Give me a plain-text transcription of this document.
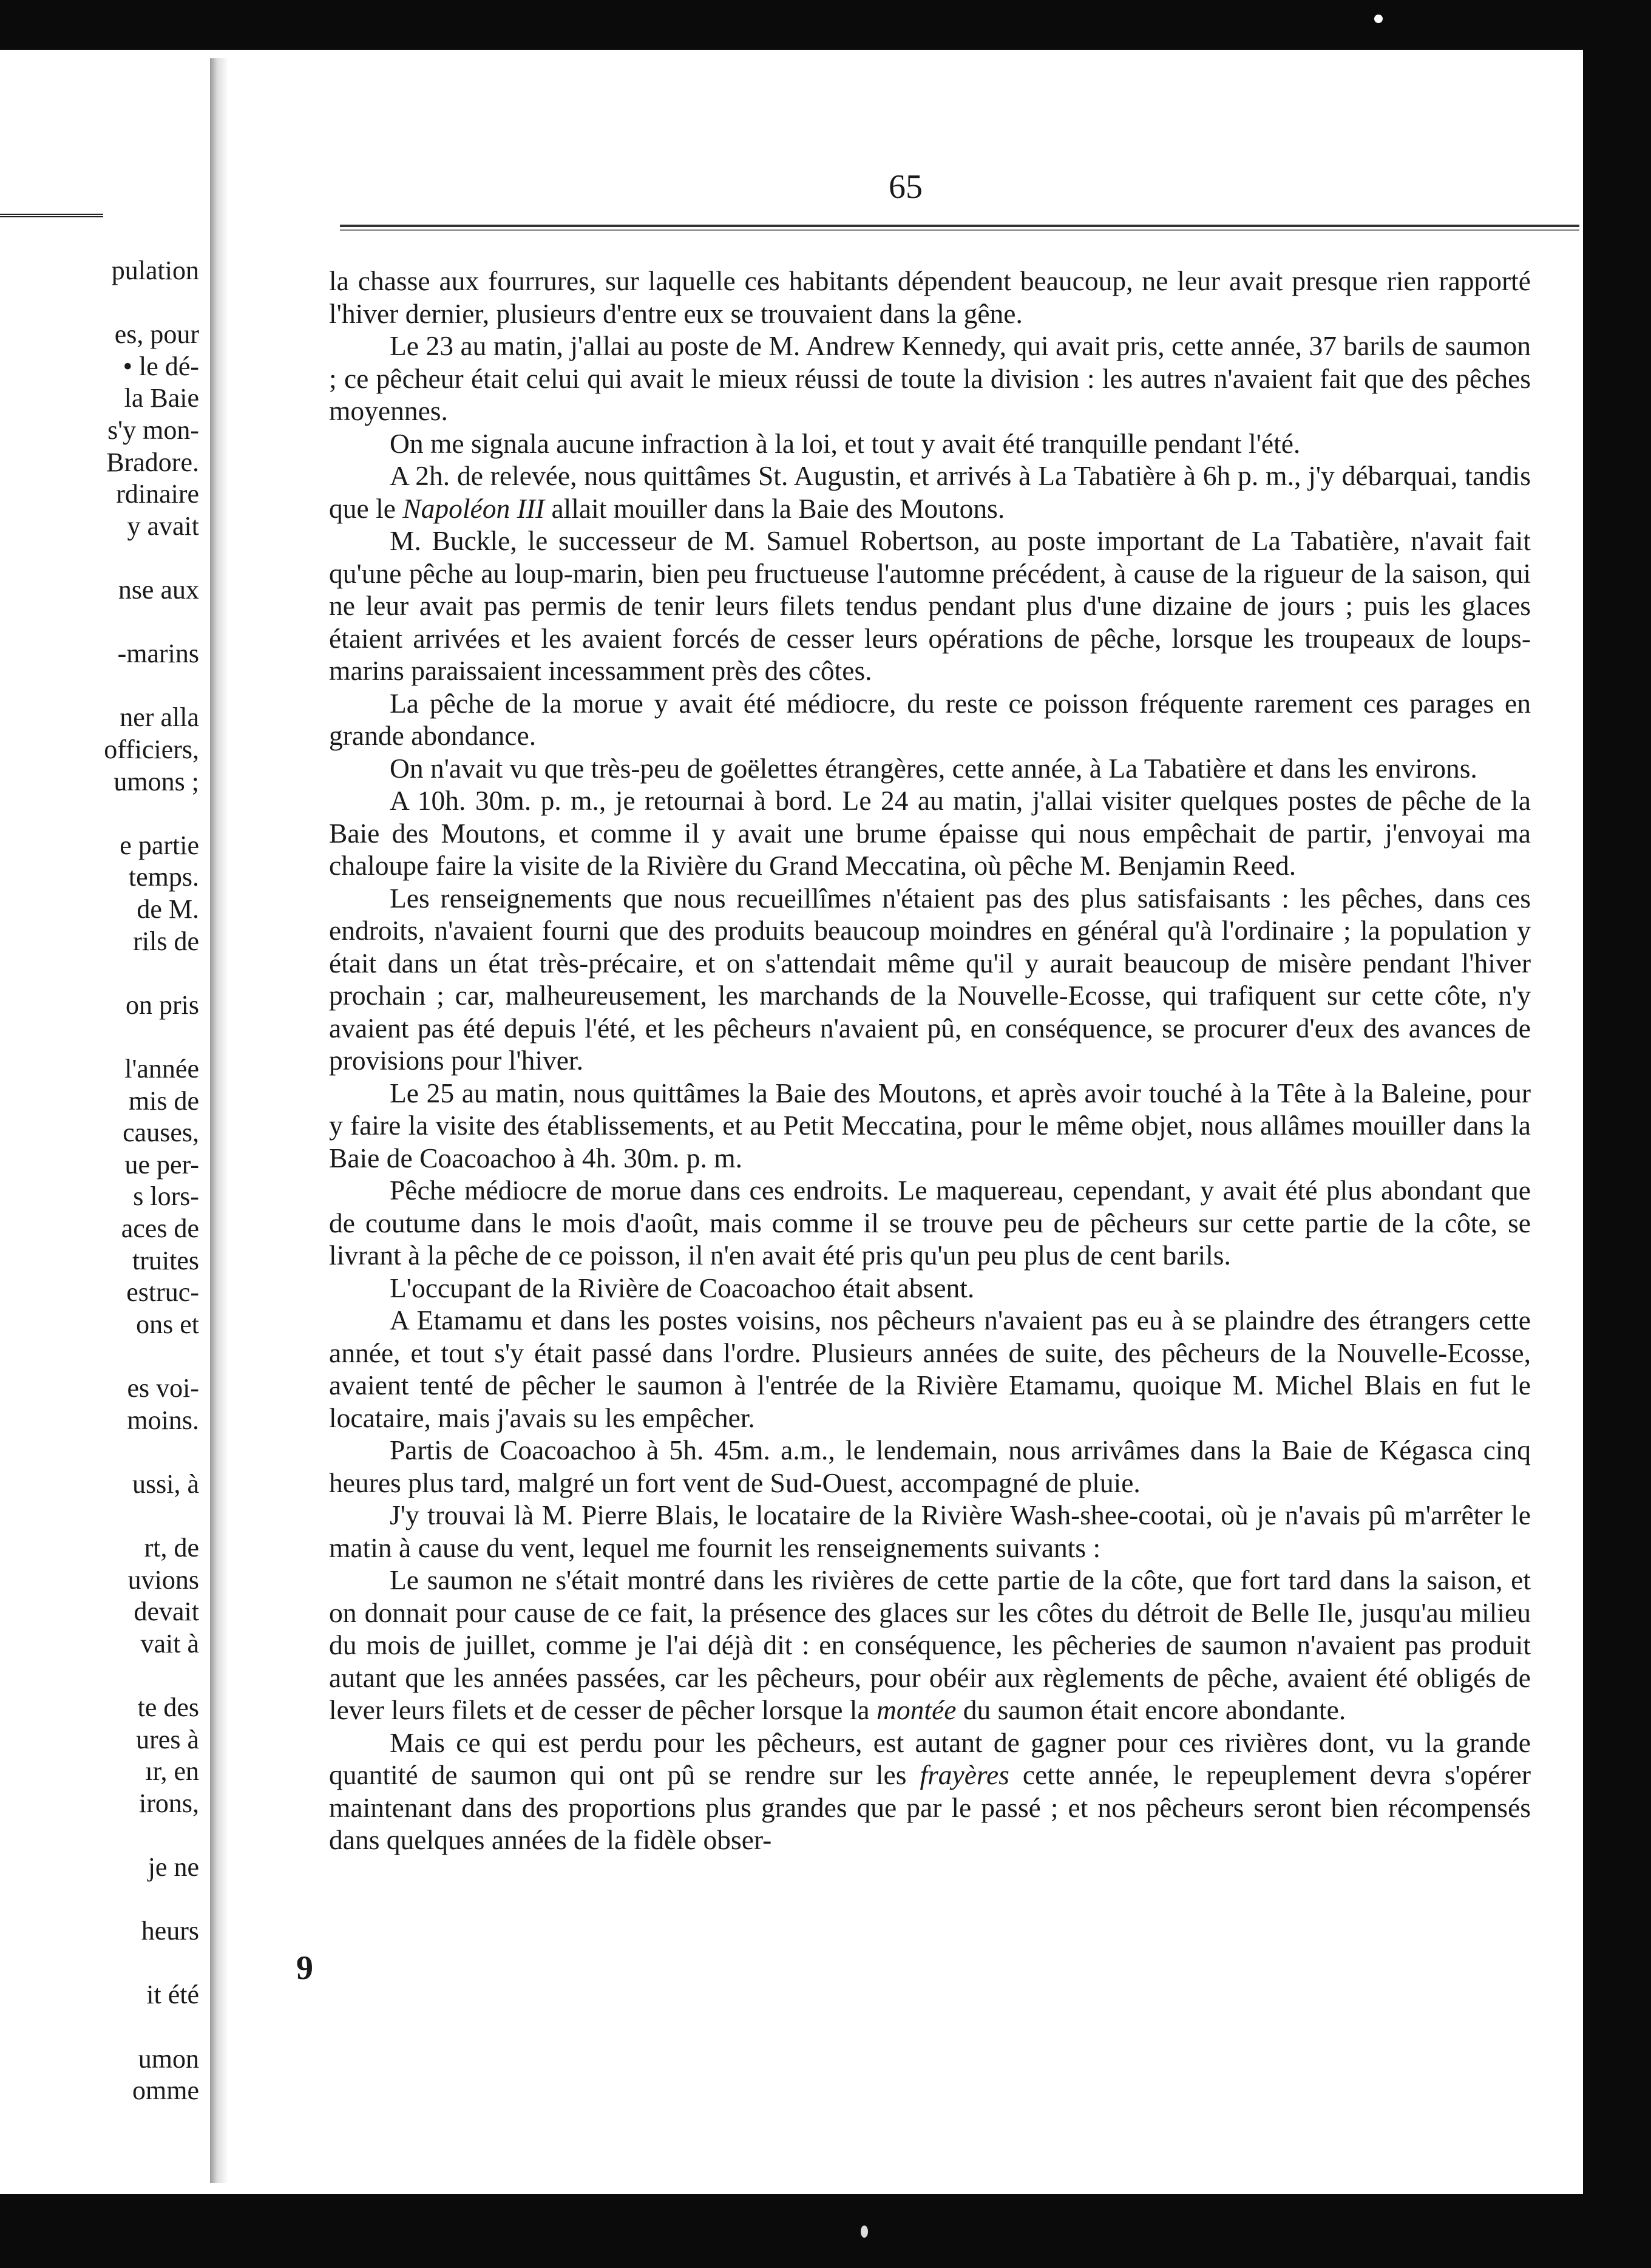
pulation
es, pour
• le dé-
la Baie
s'y mon-
Bradore.
rdinaire
y avait
nse aux
-marins
ner alla
officiers,
umons ;
e partie
temps.
de M.
rils de
on pris
l'année
mis de
causes,
ue per-
s lors-
aces de
truites
estruc-
ons et
es voi-
moins.
ussi, à
rt, de
uvions
devait
vait à
te des
ures à
ır, en
irons,
je ne
heurs
it été
umon
omme
65

la chasse aux fourrures, sur laquelle ces habitants dépendent beaucoup, ne leur avait presque rien rapporté l'hiver dernier, plusieurs d'entre eux se trouvaient dans la gêne.

Le 23 au matin, j'allai au poste de M. Andrew Kennedy, qui avait pris, cette année, 37 barils de saumon ; ce pêcheur était celui qui avait le mieux réussi de toute la division : les autres n'avaient fait que des pêches moyennes.

On me signala aucune infraction à la loi, et tout y avait été tranquille pendant l'été.

A 2h. de relevée, nous quittâmes St. Augustin, et arrivés à La Tabatière à 6h p. m., j'y débarquai, tandis que le Napoléon III allait mouiller dans la Baie des Moutons.

M. Buckle, le successeur de M. Samuel Robertson, au poste important de La Tabatière, n'avait fait qu'une pêche au loup-marin, bien peu fructueuse l'automne précédent, à cause de la rigueur de la saison, qui ne leur avait pas permis de tenir leurs filets tendus pendant plus d'une dizaine de jours ; puis les glaces étaient arrivées et les avaient forcés de cesser leurs opérations de pêche, lorsque les troupeaux de loups-marins paraissaient incessamment près des côtes.

La pêche de la morue y avait été médiocre, du reste ce poisson fréquente rarement ces parages en grande abondance.

On n'avait vu que très-peu de goëlettes étrangères, cette année, à La Tabatière et dans les environs.

A 10h. 30m. p. m., je retournai à bord. Le 24 au matin, j'allai visiter quelques postes de pêche de la Baie des Moutons, et comme il y avait une brume épaisse qui nous empêchait de partir, j'envoyai ma chaloupe faire la visite de la Rivière du Grand Meccatina, où pêche M. Benjamin Reed.

Les renseignements que nous recueillîmes n'étaient pas des plus satisfaisants : les pêches, dans ces endroits, n'avaient fourni que des produits beaucoup moindres en général qu'à l'ordinaire ; la population y était dans un état très-précaire, et on s'attendait même qu'il y aurait beaucoup de misère pendant l'hiver prochain ; car, malheureusement, les marchands de la Nouvelle-Ecosse, qui trafiquent sur cette côte, n'y avaient pas été depuis l'été, et les pêcheurs n'avaient pû, en conséquence, se procurer d'eux des avances de provisions pour l'hiver.

Le 25 au matin, nous quittâmes la Baie des Moutons, et après avoir touché à la Tête à la Baleine, pour y faire la visite des établissements, et au Petit Meccatina, pour le même objet, nous allâmes mouiller dans la Baie de Coacoachoo à 4h. 30m. p. m.

Pêche médiocre de morue dans ces endroits. Le maquereau, cependant, y avait été plus abondant que de coutume dans le mois d'août, mais comme il se trouve peu de pêcheurs sur cette partie de la côte, se livrant à la pêche de ce poisson, il n'en avait été pris qu'un peu plus de cent barils.

L'occupant de la Rivière de Coacoachoo était absent.

A Etamamu et dans les postes voisins, nos pêcheurs n'avaient pas eu à se plaindre des étrangers cette année, et tout s'y était passé dans l'ordre. Plusieurs années de suite, des pêcheurs de la Nouvelle-Ecosse, avaient tenté de pêcher le saumon à l'entrée de la Rivière Etamamu, quoique M. Michel Blais en fut le locataire, mais j'avais su les empêcher.

Partis de Coacoachoo à 5h. 45m. a.m., le lendemain, nous arrivâmes dans la Baie de Kégasca cinq heures plus tard, malgré un fort vent de Sud-Ouest, accompagné de pluie.

J'y trouvai là M. Pierre Blais, le locataire de la Rivière Wash-shee-cootai, où je n'avais pû m'arrêter le matin à cause du vent, lequel me fournit les renseignements suivants :

Le saumon ne s'était montré dans les rivières de cette partie de la côte, que fort tard dans la saison, et on donnait pour cause de ce fait, la présence des glaces sur les côtes du détroit de Belle Ile, jusqu'au milieu du mois de juillet, comme je l'ai déjà dit : en conséquence, les pêcheries de saumon n'avaient pas produit autant que les années passées, car les pêcheurs, pour obéir aux règlements de pêche, avaient été obligés de lever leurs filets et de cesser de pêcher lorsque la montée du saumon était encore abondante.

Mais ce qui est perdu pour les pêcheurs, est autant de gagner pour ces rivières dont, vu la grande quantité de saumon qui ont pû se rendre sur les frayères cette année, le repeuplement devra s'opérer maintenant dans des proportions plus grandes que par le passé ; et nos pêcheurs seront bien récompensés dans quelques années de la fidèle obser-

9
